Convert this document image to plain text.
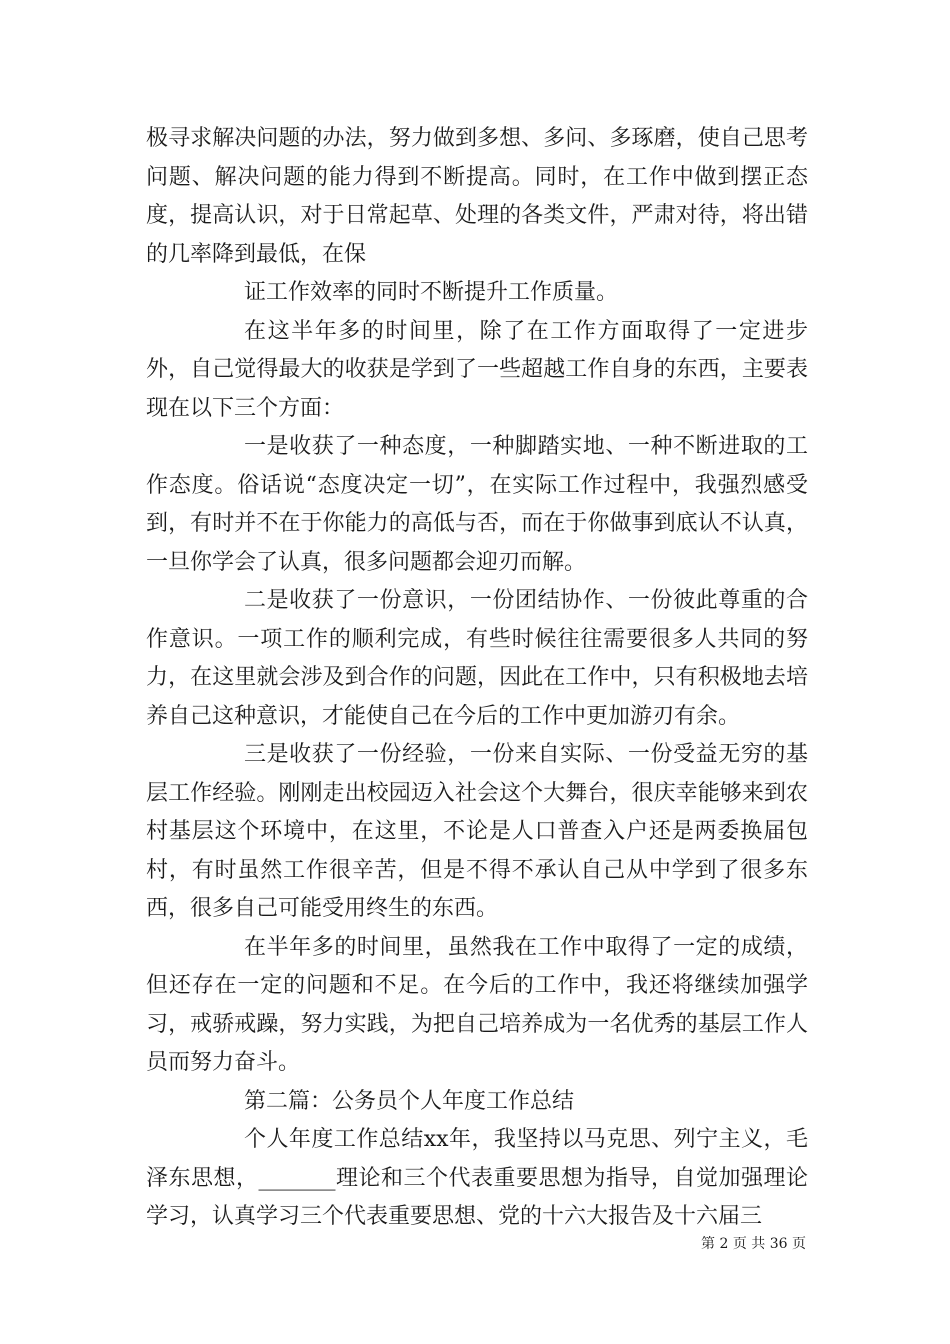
极寻求解决问题的办法，努力做到多想、多问、多琢磨，使自己思考问题、解决问题的能力得到不断提高。同时，在工作中做到摆正态度，提高认识，对于日常起草、处理的各类文件，严肃对待，将出错的几率降到最低，在保

证工作效率的同时不断提升工作质量。

在这半年多的时间里，除了在工作方面取得了一定进步外，自己觉得最大的收获是学到了一些超越工作自身的东西，主要表现在以下三个方面：

一是收获了一种态度，一种脚踏实地、一种不断进取的工作态度。俗话说“态度决定一切”，在实际工作过程中，我强烈感受到，有时并不在于你能力的高低与否，而在于你做事到底认不认真，一旦你学会了认真，很多问题都会迎刃而解。

二是收获了一份意识，一份团结协作、一份彼此尊重的合作意识。一项工作的顺利完成，有些时候往往需要很多人共同的努力，在这里就会涉及到合作的问题，因此在工作中，只有积极地去培养自己这种意识，才能使自己在今后的工作中更加游刃有余。

三是收获了一份经验，一份来自实际、一份受益无穷的基层工作经验。刚刚走出校园迈入社会这个大舞台，很庆幸能够来到农村基层这个环境中，在这里，不论是人口普查入户还是两委换届包村，有时虽然工作很辛苦，但是不得不承认自己从中学到了很多东西，很多自己可能受用终生的东西。

在半年多的时间里，虽然我在工作中取得了一定的成绩，但还存在一定的问题和不足。在今后的工作中，我还将继续加强学习，戒骄戒躁，努力实践，为把自己培养成为一名优秀的基层工作人员而努力奋斗。

第二篇：公务员个人年度工作总结

个人年度工作总结xx年，我坚持以马克思、列宁主义，毛泽东思想，_______理论和三个代表重要思想为指导，自觉加强理论学习，认真学习三个代表重要思想、党的十六大报告及十六届三

第 2 页 共 36 页
